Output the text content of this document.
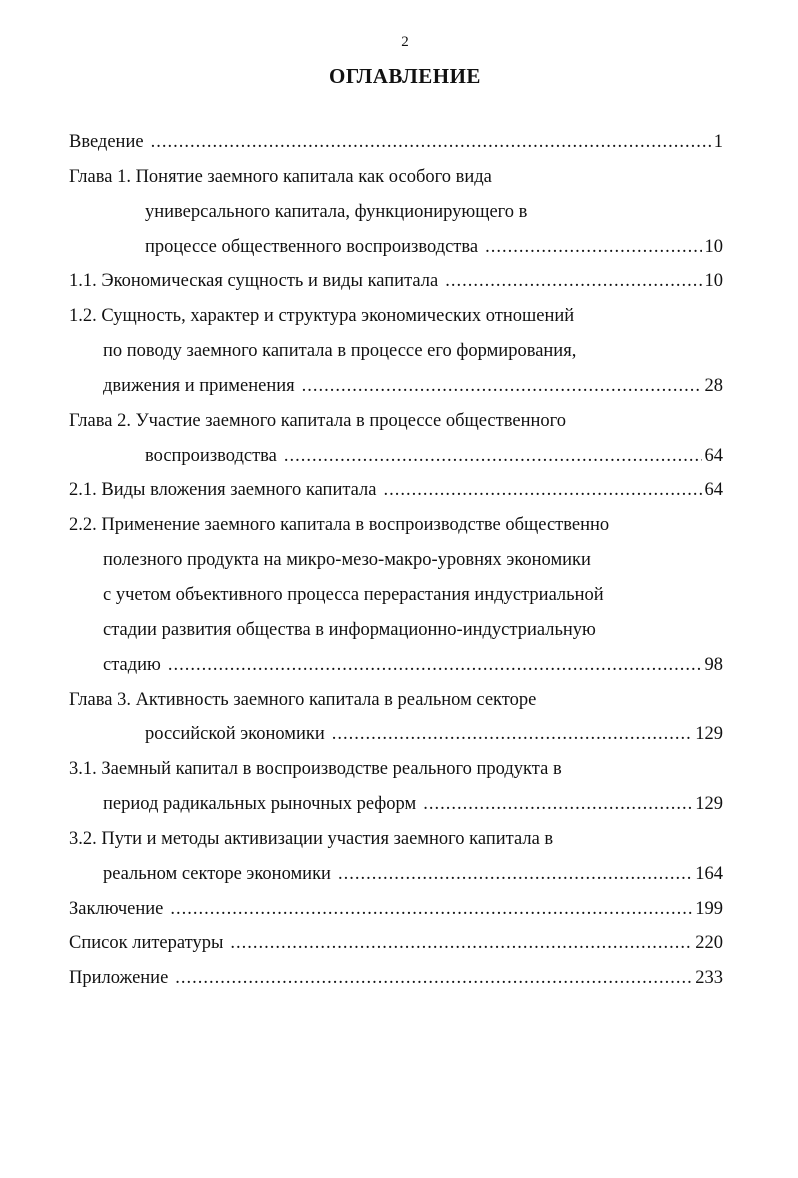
2
ОГЛАВЛЕНИЕ
Введение .....	1
Глава 1. Понятие заемного капитала как особого вида
универсального капитала, функционирующего в
процессе общественного воспроизводства .....	10
1.1. Экономическая сущность и виды капитала .....	10
1.2. Сущность, характер и структура экономических отношений
по поводу заемного капитала в процессе его формирования,
движения и применения .....	28
Глава 2. Участие заемного капитала в процессе общественного
воспроизводства .....	64
2.1. Виды вложения заемного капитала .....	64
2.2. Применение заемного капитала в воспроизводстве общественно
полезного продукта на микро-мезо-макро-уровнях экономики
с учетом объективного процесса перерастания индустриальной
стадии развития общества в информационно-индустриальную
стадию .....	98
Глава 3. Активность заемного капитала в реальном секторе
российской экономики .....	129
3.1. Заемный капитал в воспроизводстве реального продукта в
период радикальных рыночных реформ .....	129
3.2. Пути и методы активизации участия заемного капитала в
реальном секторе экономики .....	164
Заключение .....	199
Список литературы .....	220
Приложение .....	233
